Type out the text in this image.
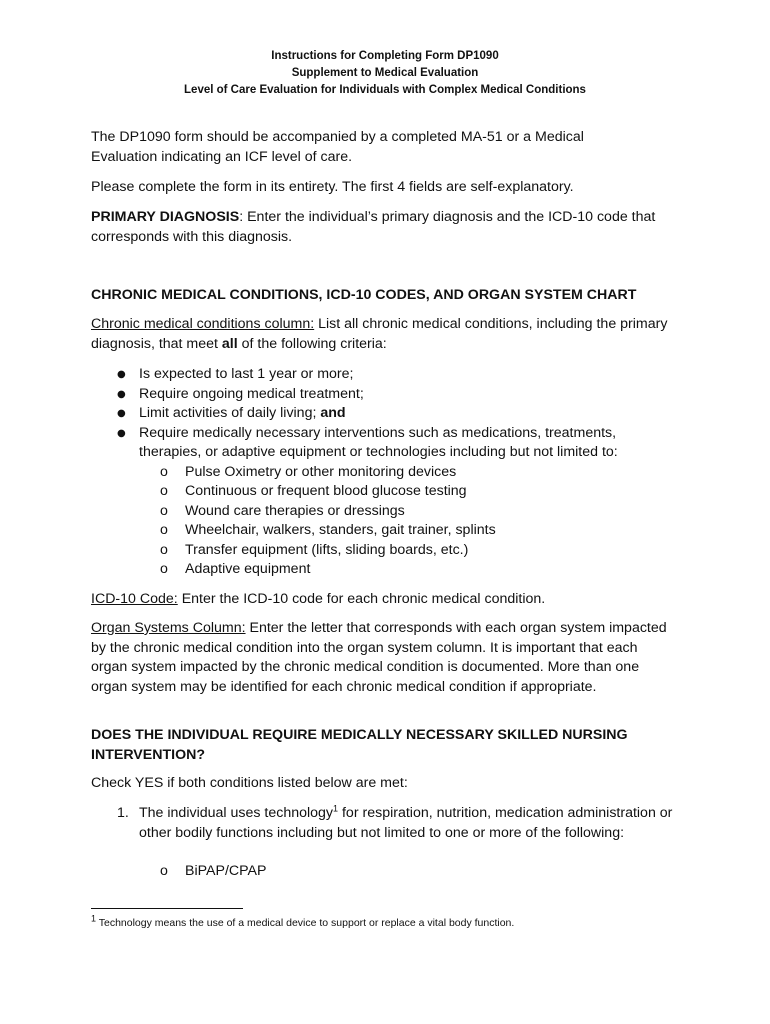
Instructions for Completing Form DP1090
Supplement to Medical Evaluation
Level of Care Evaluation for Individuals with Complex Medical Conditions
The DP1090 form should be accompanied by a completed MA-51 or a Medical Evaluation indicating an ICF level of care.
Please complete the form in its entirety. The first 4 fields are self-explanatory.
PRIMARY DIAGNOSIS: Enter the individual’s primary diagnosis and the ICD-10 code that corresponds with this diagnosis.
CHRONIC MEDICAL CONDITIONS, ICD-10 CODES, AND ORGAN SYSTEM CHART
Chronic medical conditions column: List all chronic medical conditions, including the primary diagnosis, that meet all of the following criteria:
● Is expected to last 1 year or more;
● Require ongoing medical treatment;
● Limit activities of daily living; and
● Require medically necessary interventions such as medications, treatments,
therapies, or adaptive equipment or technologies including but not limited to:
o Pulse Oximetry or other monitoring devices
o Continuous or frequent blood glucose testing
o Wound care therapies or dressings
o Wheelchair, walkers, standers, gait trainer, splints
o Transfer equipment (lifts, sliding boards, etc.)
o Adaptive equipment
ICD-10 Code: Enter the ICD-10 code for each chronic medical condition.
Organ Systems Column: Enter the letter that corresponds with each organ system impacted by the chronic medical condition into the organ system column. It is important that each organ system impacted by the chronic medical condition is documented. More than one organ system may be identified for each chronic medical condition if appropriate.
DOES THE INDIVIDUAL REQUIRE MEDICALLY NECESSARY SKILLED NURSING INTERVENTION?
Check YES if both conditions listed below are met:
1. The individual uses technology$^1$ for respiration, nutrition, medication administration or other bodily functions including but not limited to one or more of the following:
o BiPAP/CPAP
$^1$ Technology means the use of a medical device to support or replace a vital body function.
